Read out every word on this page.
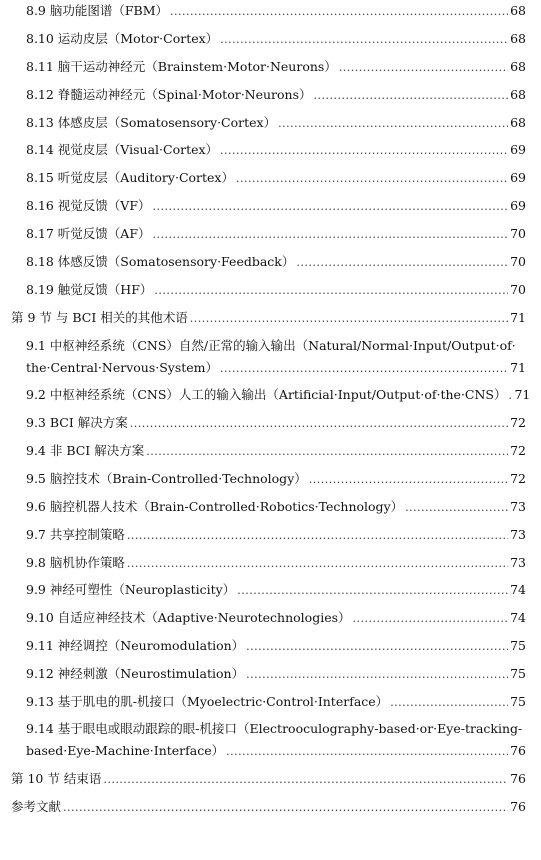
8.9 脑功能图谱（FBM） .....	68
8.10 运动皮层（Motor·Cortex） .....	68
8.11 脑干运动神经元（Brainstem·Motor·Neurons） .....	68
8.12 脊髓运动神经元（Spinal·Motor·Neurons） .....	68
8.13 体感皮层（Somatosensory·Cortex） .....	68
8.14 视觉皮层（Visual·Cortex） .....	69
8.15 听觉皮层（Auditory·Cortex） .....	69
8.16 视觉反馈（VF） .....	69
8.17 听觉反馈（AF） .....	70
8.18 体感反馈（Somatosensory·Feedback） .....	70
8.19 触觉反馈（HF） .....	70
第 9 节 与 BCI 相关的其他术语 .....	71
9.1 中枢神经系统（CNS）自然/正常的输入输出（Natural/Normal·Input/Output·of·
the·Central·Nervous·System） .....	71
9.2 中枢神经系统（CNS）人工的输入输出（Artificial·Input/Output·of·the·CNS） ..... 71
9.3 BCI 解决方案 .....	72
9.4 非 BCI 解决方案 .....	72
9.5 脑控技术（Brain-Controlled·Technology） .....	72
9.6 脑控机器人技术（Brain-Controlled·Robotics·Technology） .....	73
9.7 共享控制策略 .....	73
9.8 脑机协作策略 .....	73
9.9 神经可塑性（Neuroplasticity） .....	74
9.10 自适应神经技术（Adaptive·Neurotechnologies） .....	74
9.11 神经调控（Neuromodulation） .....	75
9.12 神经刺激（Neurostimulation） .....	75
9.13 基于肌电的肌-机接口（Myoelectric·Control·Interface） .....	75
9.14 基于眼电或眼动跟踪的眼-机接口（Electrooculography-based·or·Eye-tracking-
based·Eye-Machine·Interface） .....	76
第 10 节 结束语 .....	76
参考文献 .....	76
